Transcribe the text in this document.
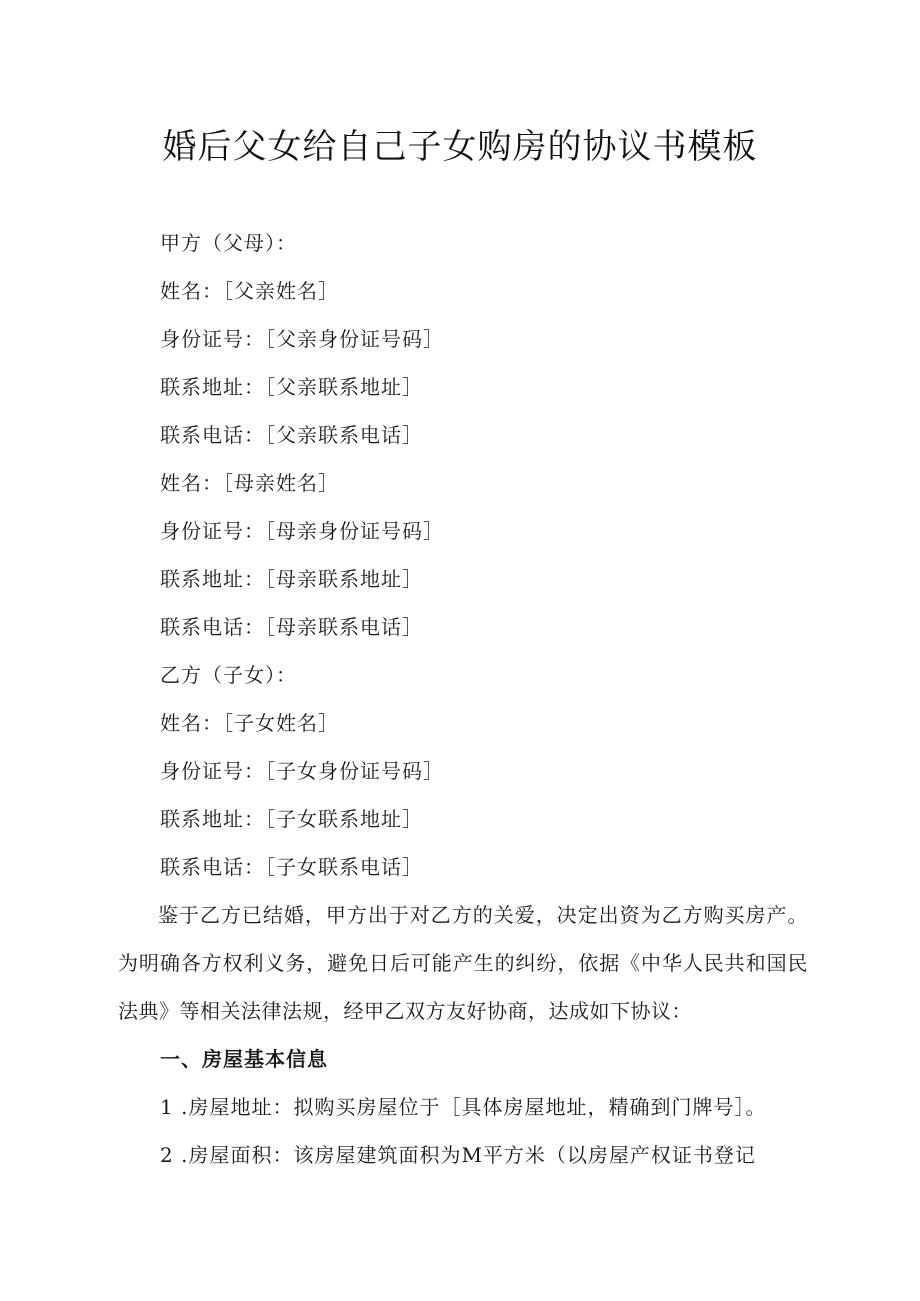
婚后父女给自己子女购房的协议书模板
甲方（父母）：
姓名：［父亲姓名］
身份证号：［父亲身份证号码］
联系地址：［父亲联系地址］
联系电话：［父亲联系电话］
姓名：［母亲姓名］
身份证号：［母亲身份证号码］
联系地址：［母亲联系地址］
联系电话：［母亲联系电话］
乙方（子女）：
姓名：［子女姓名］
身份证号：［子女身份证号码］
联系地址：［子女联系地址］
联系电话：［子女联系电话］
鉴于乙方已结婚，甲方出于对乙方的关爱，决定出资为乙方购买房产。为明确各方权利义务，避免日后可能产生的纠纷，依据《中华人民共和国民法典》等相关法律法规，经甲乙双方友好协商，达成如下协议：
一、房屋基本信息
1 .房屋地址：拟购买房屋位于［具体房屋地址，精确到门牌号］。
2 .房屋面积：该房屋建筑面积为M平方米（以房屋产权证书登记
